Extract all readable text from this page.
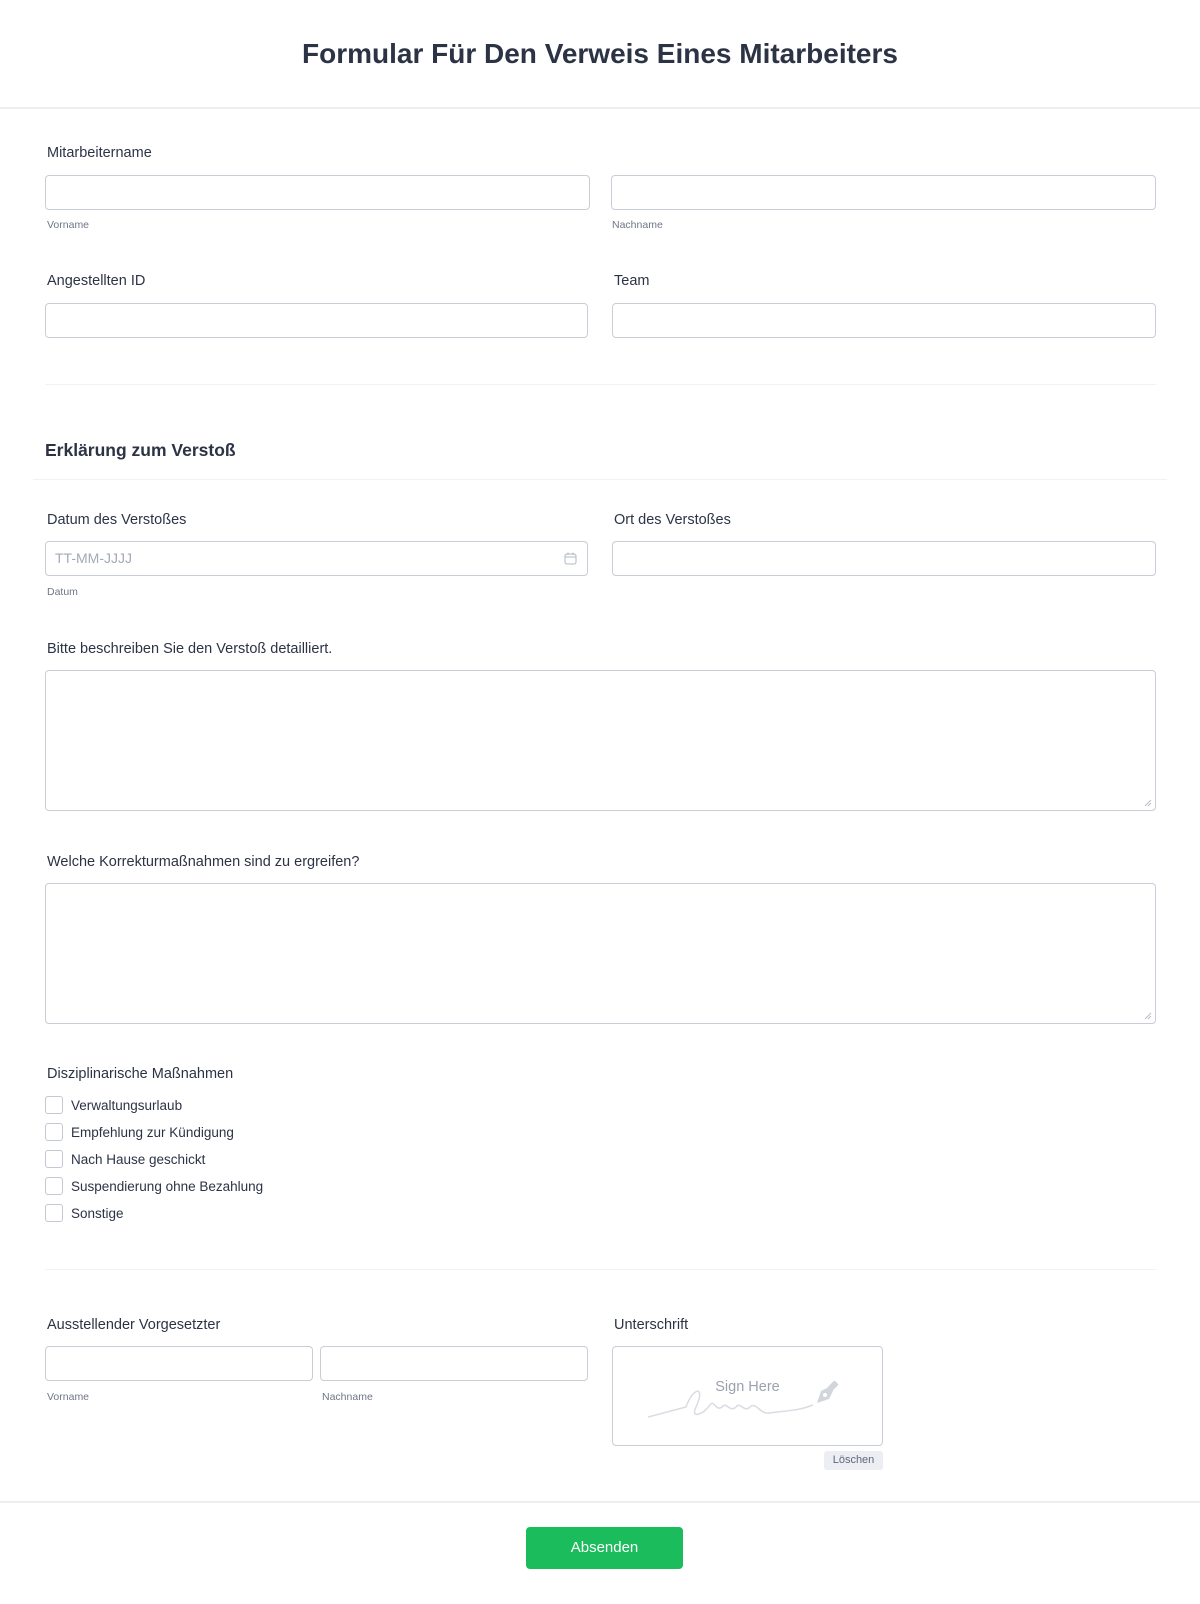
Formular Für Den Verweis Eines Mitarbeiters
Mitarbeitername
Vorname	Nachname
Angestellten ID	Team
Erklärung zum Verstoß
Datum des Verstoßes
TT-MM-JJJJ
Datum
Ort des Verstoßes
Bitte beschreiben Sie den Verstoß detailliert.
Welche Korrekturmaßnahmen sind zu ergreifen?
Disziplinarische Maßnahmen
Verwaltungsurlaub
Empfehlung zur Kündigung
Nach Hause geschickt
Suspendierung ohne Bezahlung
Sonstige
Ausstellender Vorgesetzter
Vorname	Nachname
Unterschrift
Sign Here
Löschen
Absenden
